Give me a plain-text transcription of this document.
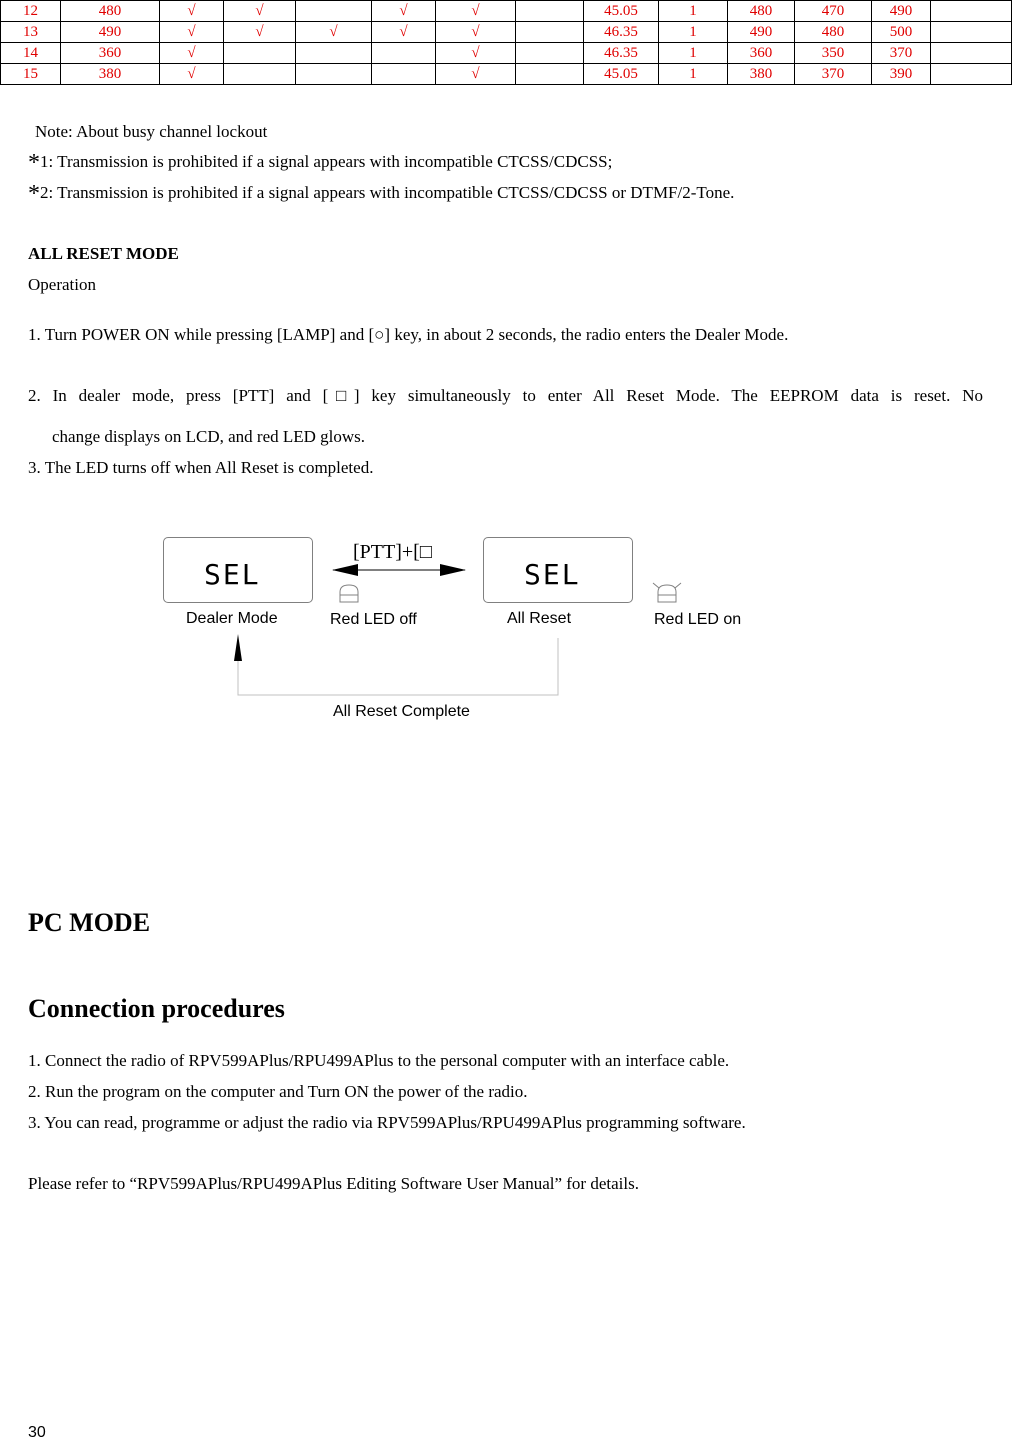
12	480	√	√		√	√		45.05	1	480	470	490	
13	490	√	√	√	√	√		46.35	1	490	480	500	
14	360	√				√		46.35	1	360	350	370	
15	380	√				√		45.05	1	380	370	390	
Note: About busy channel lockout
*1: Transmission is prohibited if a signal appears with incompatible CTCSS/CDCSS;
*2: Transmission is prohibited if a signal appears with incompatible CTCSS/CDCSS or DTMF/2-Tone.
ALL RESET MODE
Operation
1. Turn POWER ON while pressing [LAMP] and [○] key, in about 2 seconds, the radio enters the Dealer Mode.
2. In dealer mode, press [PTT] and [□] key simultaneously to enter All Reset Mode. The EEPROM data is reset. No
change displays on LCD, and red LED glows.
3. The LED turns off when All Reset is completed.
SEL	SEL
[PTT]+[□
Dealer Mode	Red LED off	All Reset	Red LED on
All Reset Complete
PC MODE
Connection procedures
1. Connect the radio of RPV599APlus/RPU499APlus to the personal computer with an interface cable.
2. Run the program on the computer and Turn ON the power of the radio.
3. You can read, programme or adjust the radio via RPV599APlus/RPU499APlus programming software.
Please refer to “RPV599APlus/RPU499APlus Editing Software User Manual” for details.
30
